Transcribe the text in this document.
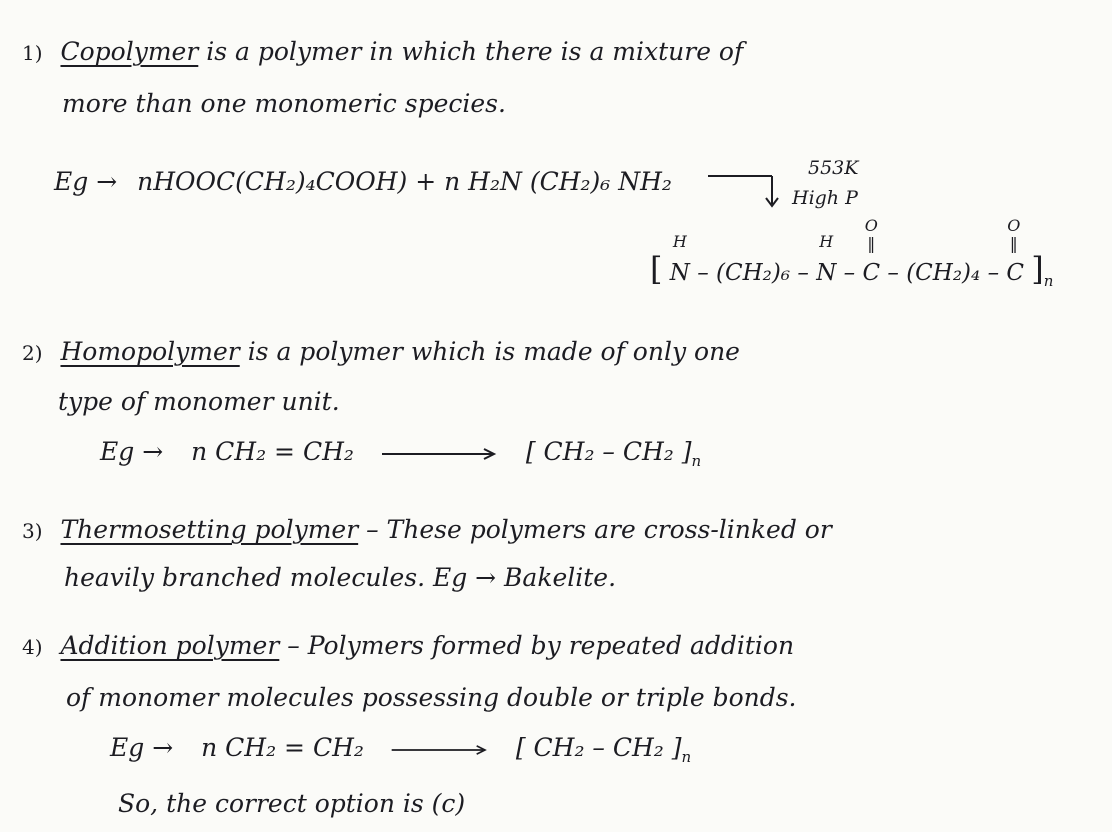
1) Copolymer is a polymer in which there is a mixture of
more than one monomeric species.
Eg → nHOOC(CH₂)₄COOH) + n H₂N (CH₂)₆ NH₂	553K
High P
[
H
N – (CH₂)₆ –
H
N
O
‖
– C – (CH₂)₄
O
‖
– C ]$_n$
2) Homopolymer is a polymer which is made of only one
type of monomer unit.
Eg → n CH₂ = CH₂	[ CH₂ – CH₂ ]$_n$
3) Thermosetting polymer – These polymers are cross-linked or
heavily branched molecules. Eg → Bakelite.
4) Addition polymer – Polymers formed by repeated addition
of monomer molecules possessing double or triple bonds.
Eg → n CH₂ = CH₂	[ CH₂ – CH₂ ]$_n$
So, the correct option is (c)
